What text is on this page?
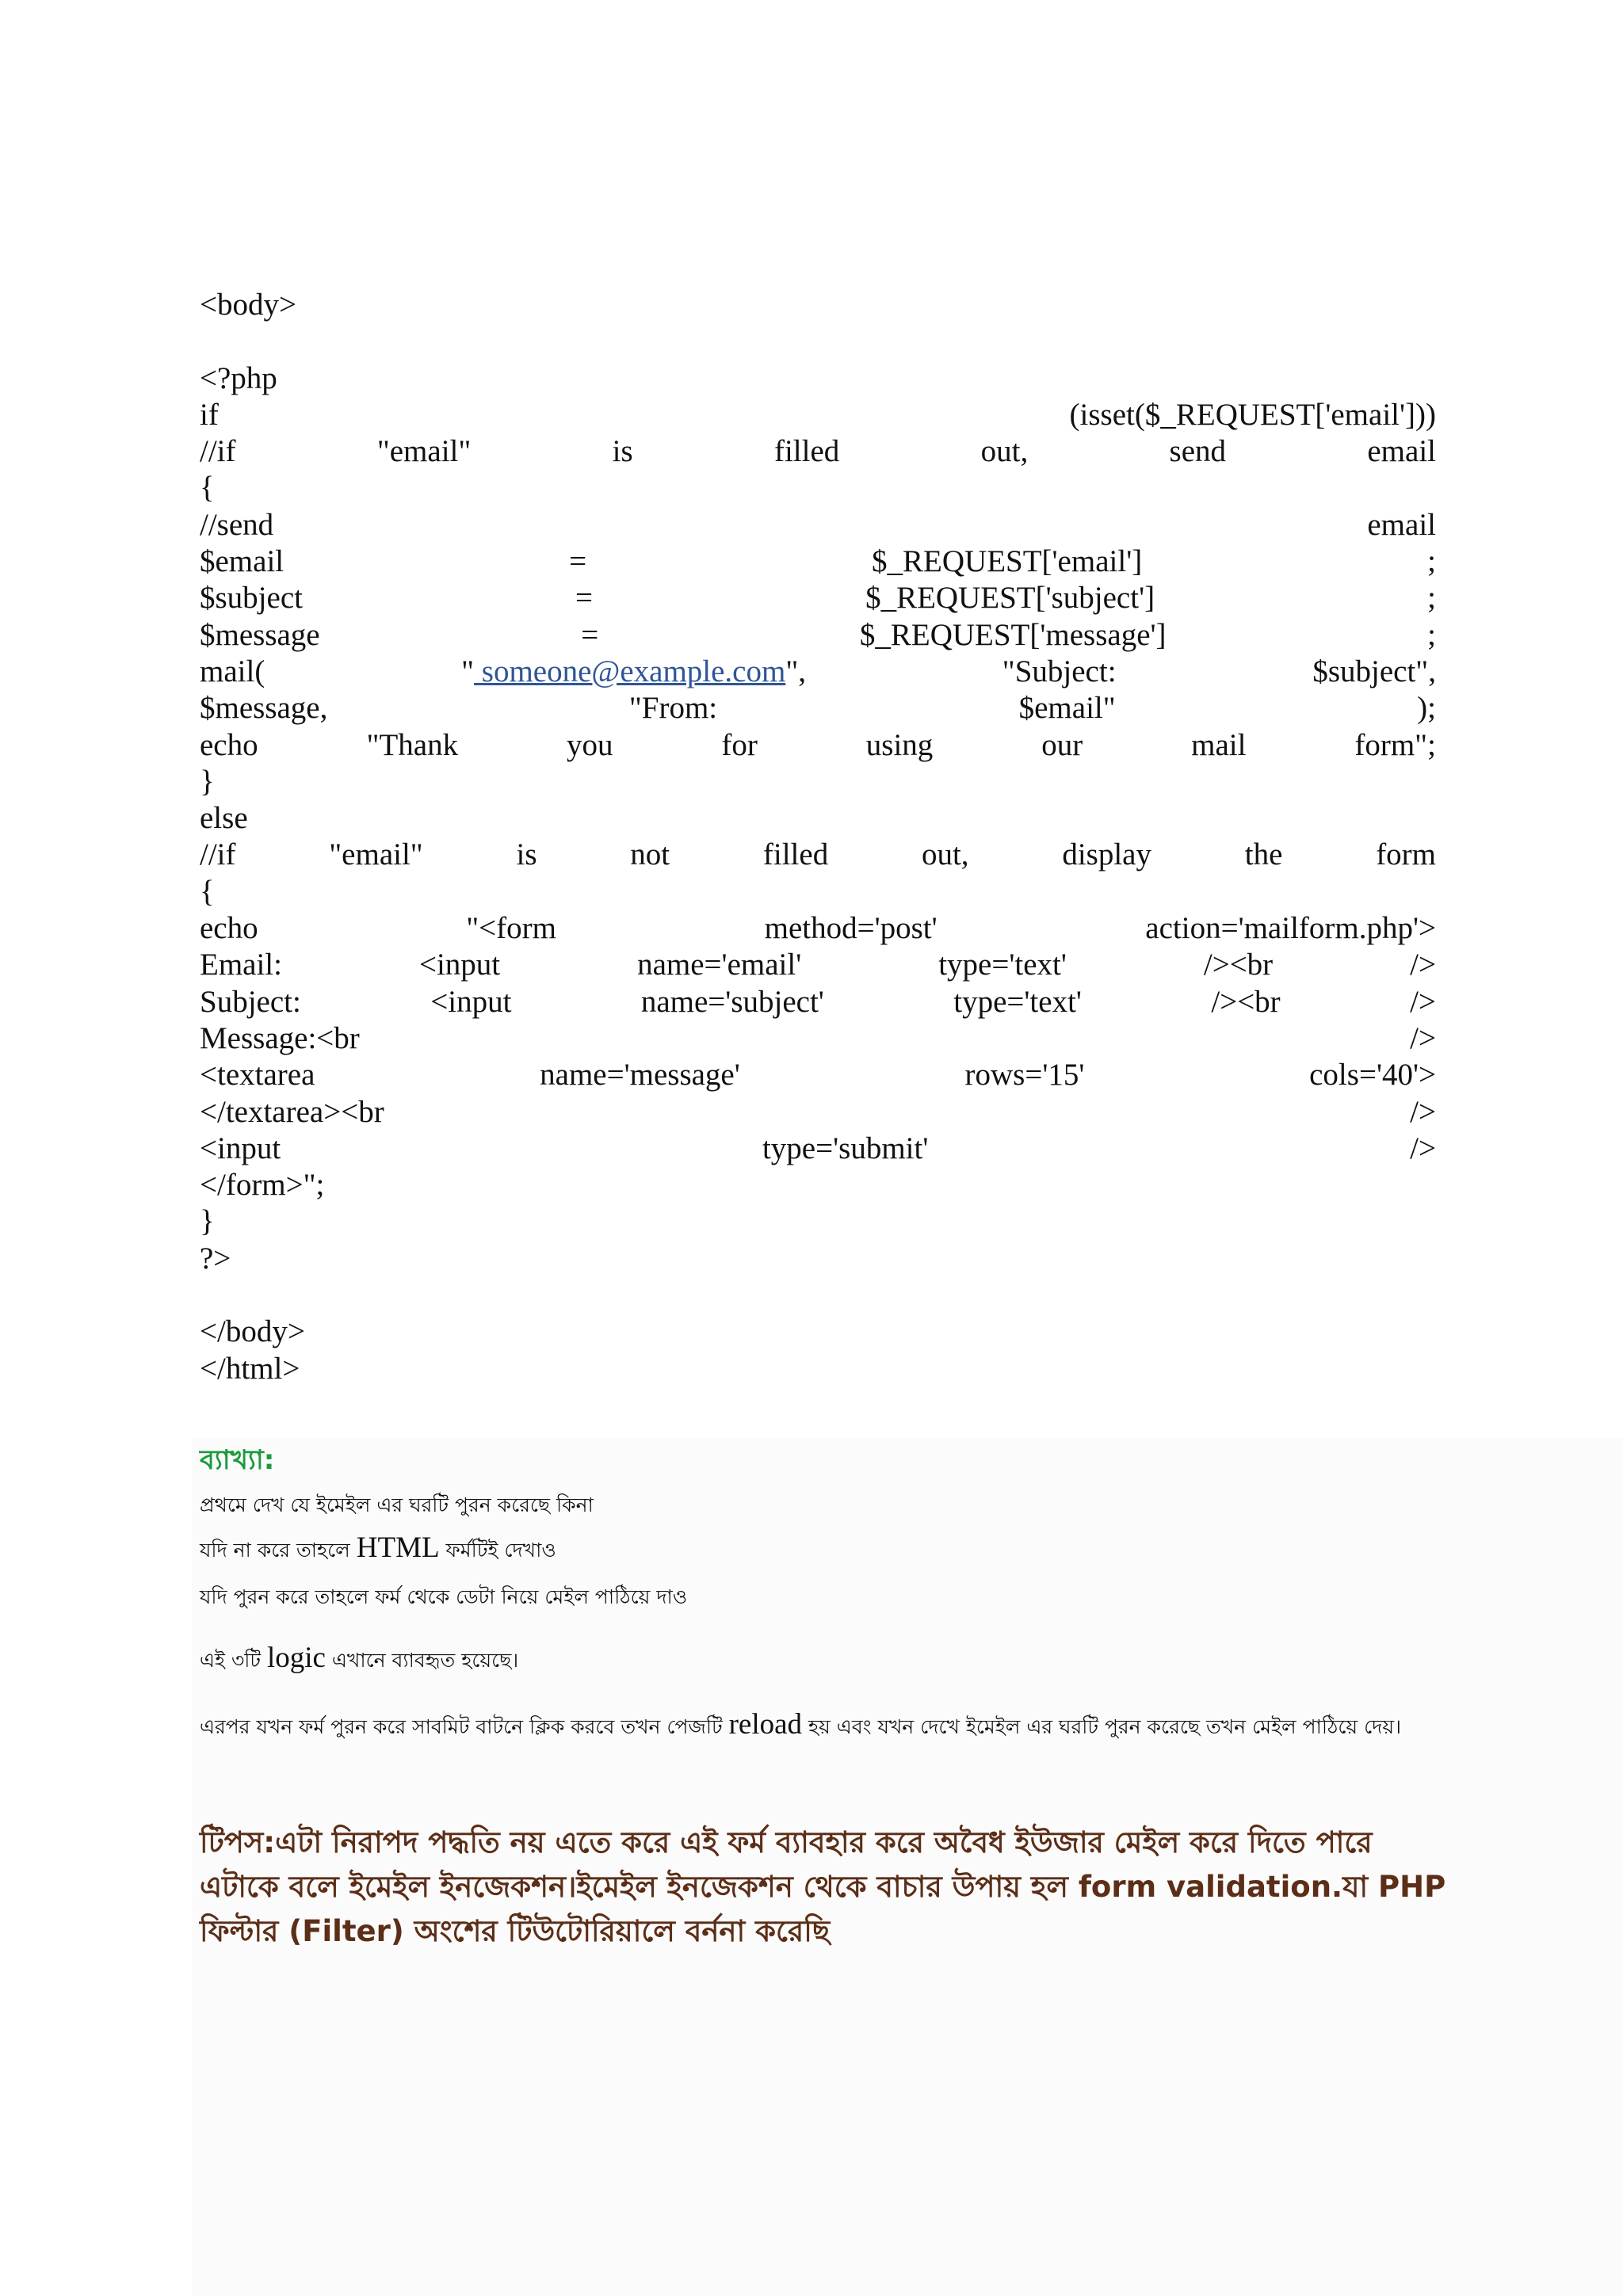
<body>
<?php
if	(isset($_REQUEST['email']))
//if	"email"	is	filled	out,	send	email
{
//send	email
$email	=	$_REQUEST['email']	;
$subject	=	$_REQUEST['subject']	;
$message	=	$_REQUEST['message']	;
mail(	" someone@example.com",	"Subject:	$subject",
$message,	"From:	$email"	);
echo	"Thank	you	for	using	our	mail	form";
}
else
//if	"email"	is	not	filled	out,	display	the	form
{
echo	"<form	method='post'	action='mailform.php'>
Email:	<input	name='email'	type='text'	/><br	/>
Subject:	<input	name='subject'	type='text'	/><br	/>
Message:<br	/>
<textarea	name='message'	rows='15'	cols='40'>
</textarea><br	/>
<input	type='submit'	/>
</form>";
}
?>
</body>
</html>

ব্যাখ্যা:

প্রথমে দেখ যে ইমেইল এর ঘরটি পুরন করেছে কিনা

যদি না করে তাহলে HTML ফর্মটিই দেখাও

যদি পুরন করে তাহলে ফর্ম থেকে ডেটা নিয়ে মেইল পাঠিয়ে দাও

এই ৩টি logic এখানে ব্যাবহৃত হয়েছে।

এরপর যখন ফর্ম পুরন করে সাবমিট বাটনে ক্লিক করবে তখন পেজটি reload হয় এবং যখন দেখে ইমেইল এর ঘরটি পুরন করেছে তখন মেইল পাঠিয়ে দেয়।

টিপস:এটা নিরাপদ পদ্ধতি নয় এতে করে এই ফর্ম ব্যাবহার করে অবৈধ ইউজার মেইল করে দিতে পারে
এটাকে বলে ইমেইল ইনজেকশন।ইমেইল ইনজেকশন থেকে বাচার উপায় হল form validation.যা PHP
ফিল্টার (Filter) অংশের টিউটোরিয়ালে বর্ননা করেছি
